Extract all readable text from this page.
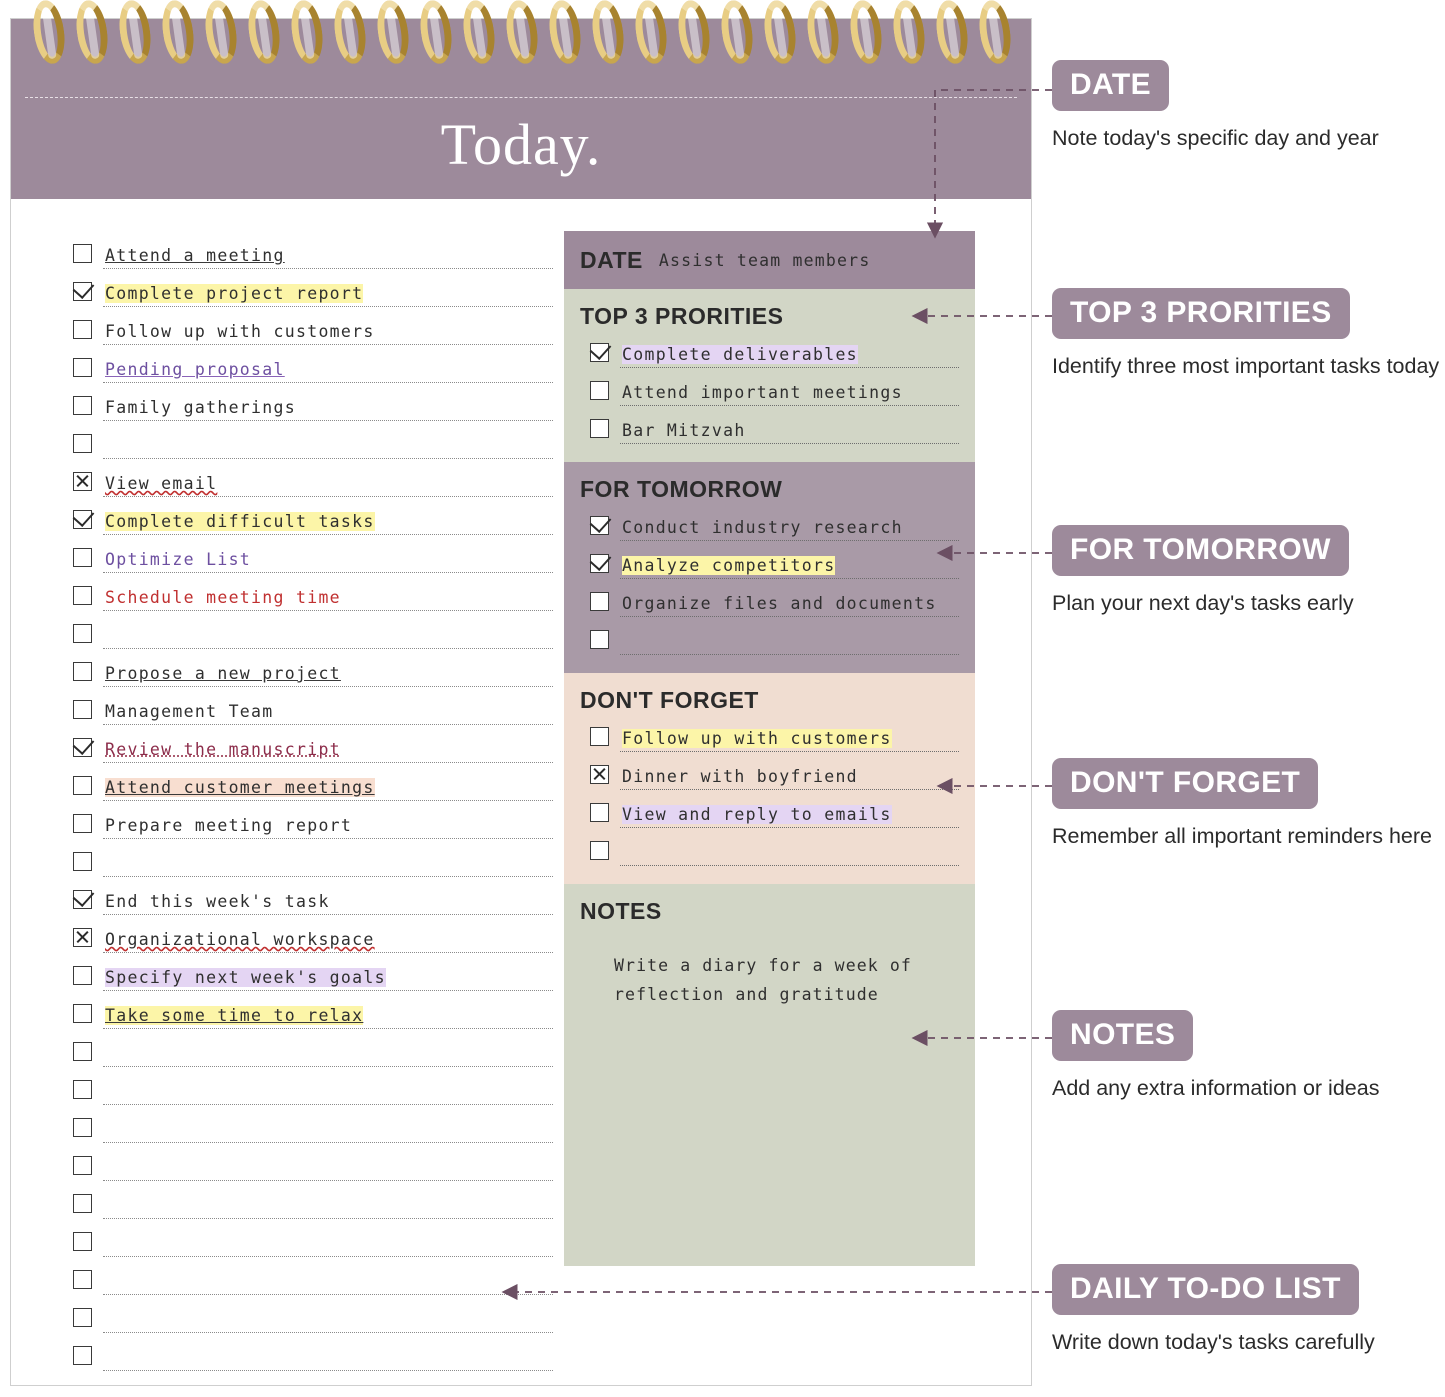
Today.
Attend a meeting
Complete project report
Follow up with customers
Pending proposal
Family gatherings
View email
Complete difficult tasks
Optimize List
Schedule meeting time
Propose a new project
Management Team
Review the manuscript
Attend customer meetings
Prepare meeting report
End this week's task
Organizational workspace
Specify next week's goals
Take some time to relax
DATE Assist team members
TOP 3 PRORITIES
Complete deliverables
Attend important meetings
Bar Mitzvah
FOR TOMORROW
Conduct industry research
Analyze competitors
Organize files and documents
DON'T FORGET
Follow up with customers
Dinner with boyfriend
View and reply to emails
NOTES
Write a diary for a week of
reflection and gratitude
DATE
Note today's specific day and year
TOP 3 PRORITIES
Identify three most important tasks today
FOR TOMORROW
Plan your next day's tasks early
DON'T FORGET
Remember all important reminders here
NOTES
Add any extra information or ideas
DAILY TO-DO LIST
Write down today's tasks carefully
